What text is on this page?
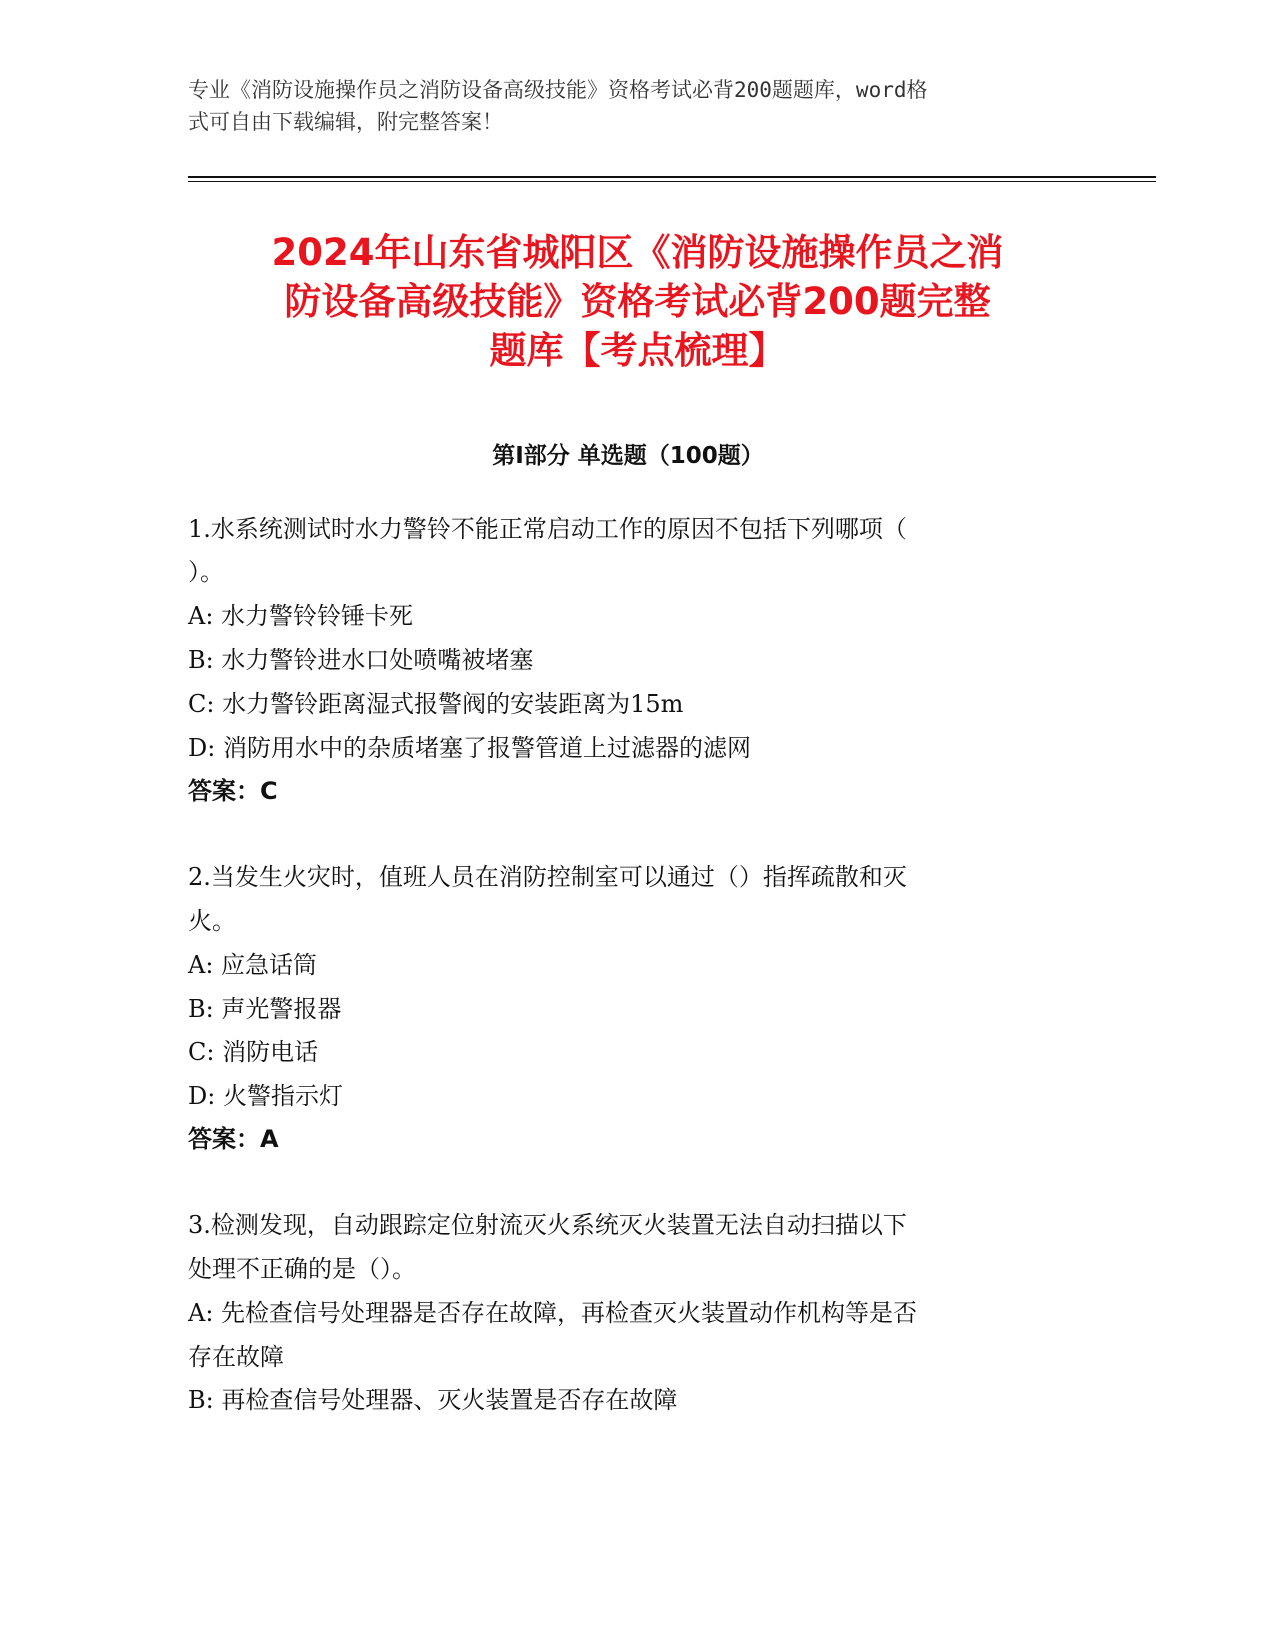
专业《消防设施操作员之消防设备高级技能》资格考试必背200题题库，word格
式可自由下载编辑，附完整答案！
2024年山东省城阳区《消防设施操作员之消
防设备高级技能》资格考试必背200题完整
题库【考点梳理】
第Ⅰ部分 单选题（100题）
1.水系统测试时水力警铃不能正常启动工作的原因不包括下列哪项（
）。
A: 水力警铃铃锤卡死
B: 水力警铃进水口处喷嘴被堵塞
C: 水力警铃距离湿式报警阀的安装距离为15m
D: 消防用水中的杂质堵塞了报警管道上过滤器的滤网
答案：C
2.当发生火灾时，值班人员在消防控制室可以通过（）指挥疏散和灭
火。
A: 应急话筒
B: 声光警报器
C: 消防电话
D: 火警指示灯
答案：A
3.检测发现，自动跟踪定位射流灭火系统灭火装置无法自动扫描以下
处理不正确的是（）。
A: 先检查信号处理器是否存在故障，再检查灭火装置动作机构等是否
存在故障
B: 再检查信号处理器、灭火装置是否存在故障
